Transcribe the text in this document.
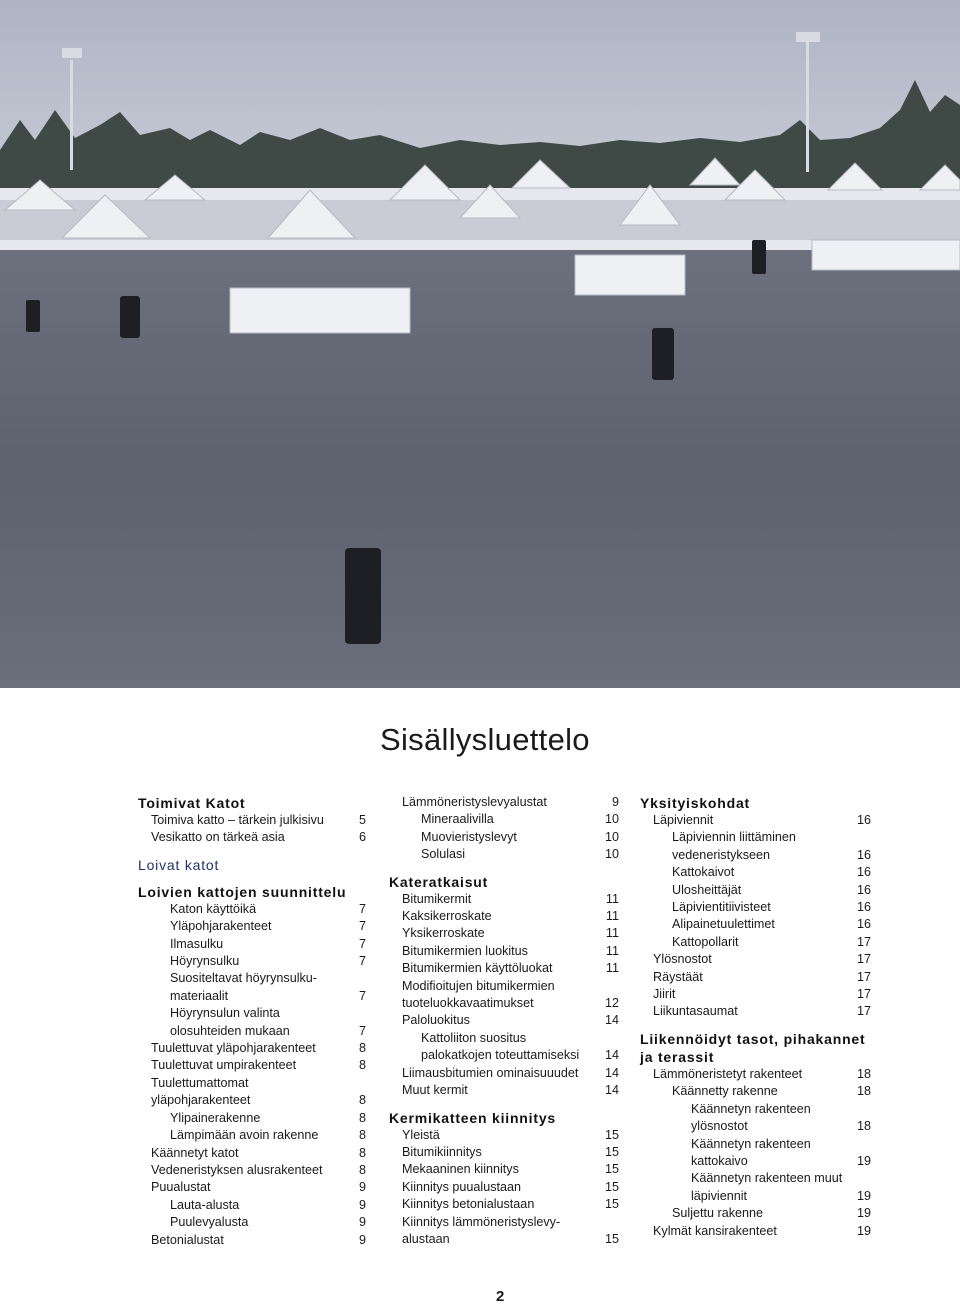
Sisällysluettelo
Toimivat Katot
Toimiva katto – tärkein julkisivu	5
Vesikatto on tärkeä asia	6
Loivat katot
Loivien kattojen suunnittelu
Katon käyttöikä	7
Yläpohjarakenteet	7
Ilmasulku	7
Höyrynsulku	7
Suositeltavat höyrynsulku-
materiaalit	7
Höyrynsulun valinta
olosuhteiden mukaan	7
Tuulettuvat yläpohjarakenteet	8
Tuulettuvat umpirakenteet	8
Tuulettumattomat
yläpohjarakenteet	8
Ylipainerakenne	8
Lämpimään avoin rakenne	8
Käännetyt katot	8
Vedeneristyksen alusrakenteet	8
Puualustat	9
Lauta-alusta	9
Puulevyalusta	9
Betonialustat	9
Lämmöneristyslevyalustat	9
Mineraalivilla	10
Muovieristyslevyt	10
Solulasi	10
Kateratkaisut
Bitumikermit	11
Kaksikerroskate	11
Yksikerroskate	11
Bitumikermien luokitus	11
Bitumikermien käyttöluokat	11
Modifioitujen bitumikermien
tuoteluokkavaatimukset	12
Paloluokitus	14
Kattoliiton suositus
palokatkojen toteuttamiseksi	14
Liimausbitumien ominaisuuudet	14
Muut kermit	14
Kermikatteen kiinnitys
Yleistä	15
Bitumikiinnitys	15
Mekaaninen kiinnitys	15
Kiinnitys puualustaan	15
Kiinnitys betonialustaan	15
Kiinnitys lämmöneristyslevy-
alustaan	15
Yksityiskohdat
Läpiviennit	16
Läpiviennin liittäminen
vedeneristykseen	16
Kattokaivot	16
Ulosheittäjät	16
Läpivientitiivisteet	16
Alipainetuulettimet	16
Kattopollarit	17
Ylösnostot	17
Räystäät	17
Jiirit	17
Liikuntasaumat	17
Liikennöidyt tasot, pihakannet ja terassit
Lämmöneristetyt rakenteet	18
Käännetty rakenne	18
Käännetyn rakenteen
ylösnostot	18
Käännetyn rakenteen
kattokaivo	19
Käännetyn rakenteen muut
läpiviennit	19
Suljettu rakenne	19
Kylmät kansirakenteet	19
2
